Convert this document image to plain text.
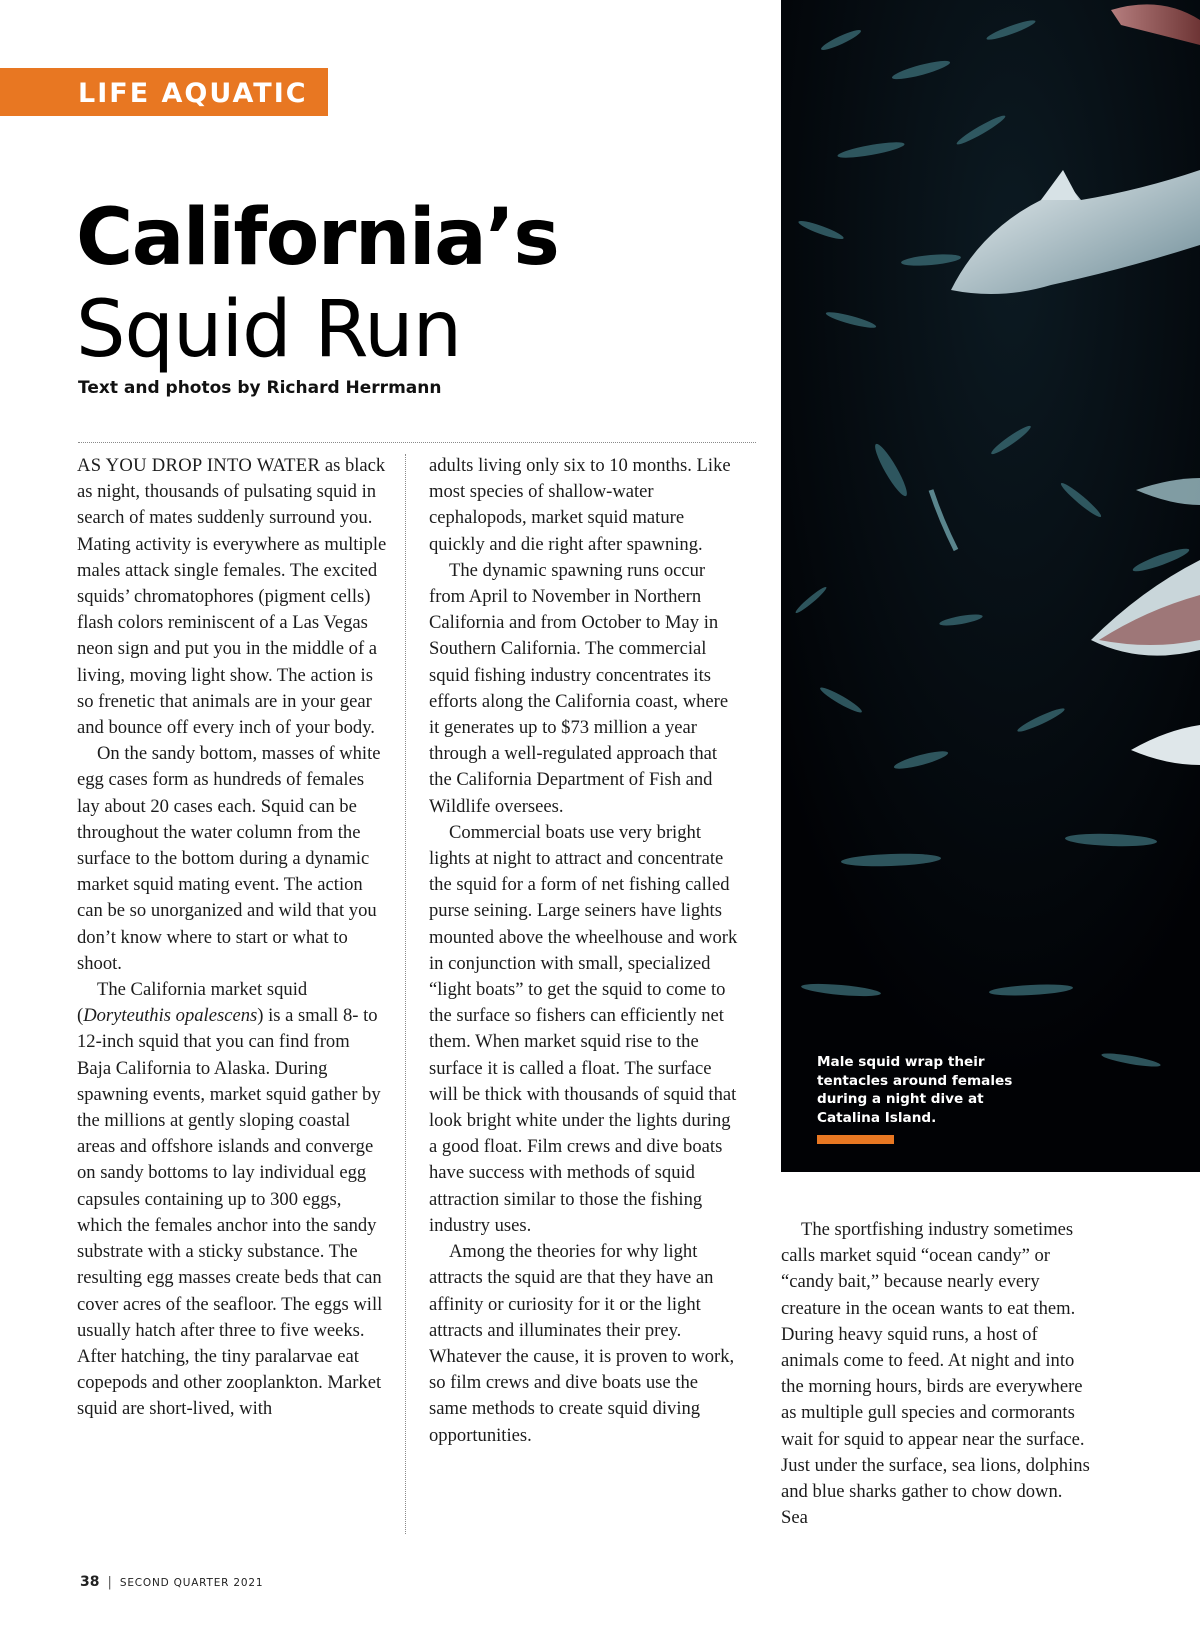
LIFE AQUATIC
California’s
Squid Run
Text and photos by Richard Herrmann

AS YOU DROP INTO WATER as black as night, thousands of pulsating squid in search of mates suddenly surround you. Mating activity is everywhere as multiple males attack single females. The excited squids’ chromatophores (pigment cells) flash colors reminiscent of a Las Vegas neon sign and put you in the middle of a living, moving light show. The action is so frenetic that animals are in your gear and bounce off every inch of your body.

On the sandy bottom, masses of white egg cases form as hundreds of females lay about 20 cases each. Squid can be throughout the water column from the surface to the bottom during a dynamic market squid mating event. The action can be so unorganized and wild that you don’t know where to start or what to shoot.

The California market squid (Doryteuthis opalescens) is a small 8- to 12-inch squid that you can find from Baja California to Alaska. During spawning events, market squid gather by the millions at gently sloping coastal areas and offshore islands and converge on sandy bottoms to lay individual egg capsules containing up to 300 eggs, which the females anchor into the sandy substrate with a sticky substance. The resulting egg masses create beds that can cover acres of the seafloor. The eggs will usually hatch after three to five weeks. After hatching, the tiny paralarvae eat copepods and other zooplankton. Market squid are short-lived, with

adults living only six to 10 months. Like most species of shallow-water cephalopods, market squid mature quickly and die right after spawning.

The dynamic spawning runs occur from April to November in Northern California and from October to May in Southern California. The commercial squid fishing industry concentrates its efforts along the California coast, where it generates up to $73 million a year through a well-regulated approach that the California Department of Fish and Wildlife oversees.

Commercial boats use very bright lights at night to attract and concentrate the squid for a form of net fishing called purse seining. Large seiners have lights mounted above the wheelhouse and work in conjunction with small, specialized “light boats” to get the squid to come to the surface so fishers can efficiently net them. When market squid rise to the surface it is called a float. The surface will be thick with thousands of squid that look bright white under the lights during a good float. Film crews and dive boats have success with methods of squid attraction similar to those the fishing industry uses.

Among the theories for why light attracts the squid are that they have an affinity or curiosity for it or the light attracts and illuminates their prey. Whatever the cause, it is proven to work, so film crews and dive boats use the same methods to create squid diving opportunities.

Male squid wrap their tentacles around females during a night dive at Catalina Island.

The sportfishing industry sometimes calls market squid “ocean candy” or “candy bait,” because nearly every creature in the ocean wants to eat them. During heavy squid runs, a host of animals come to feed. At night and into the morning hours, birds are everywhere as multiple gull species and cormorants wait for squid to appear near the surface. Just under the surface, sea lions, dolphins and blue sharks gather to chow down. Sea

38 | SECOND QUARTER 2021
